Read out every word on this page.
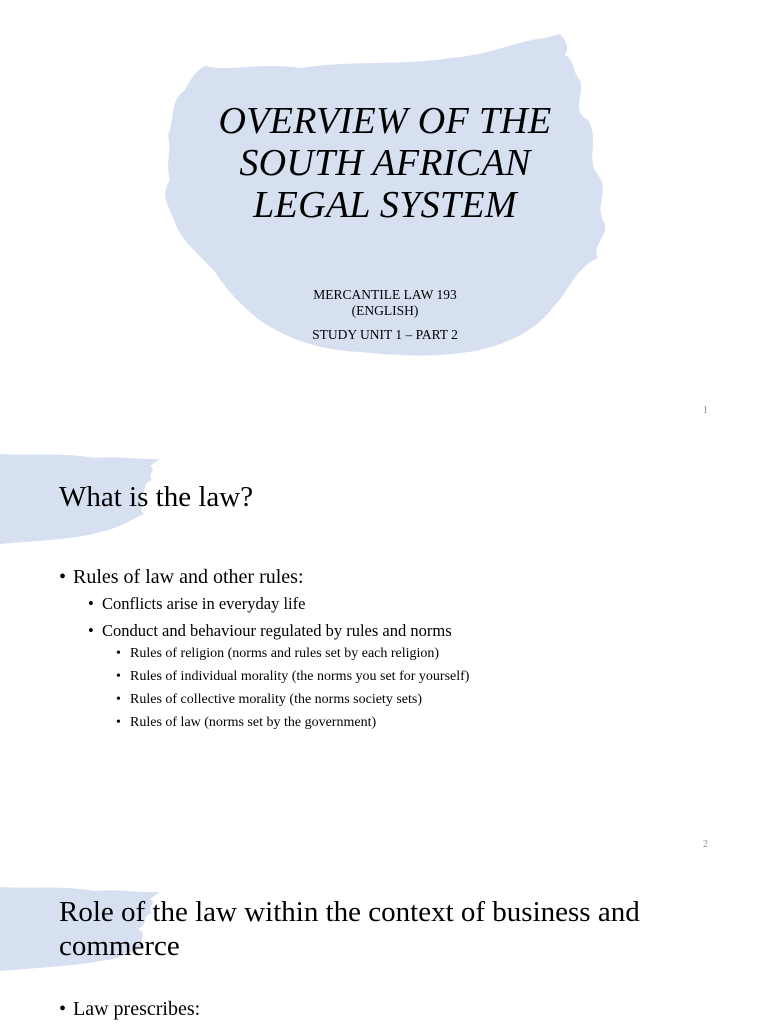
OVERVIEW OF THE
SOUTH AFRICAN
LEGAL SYSTEM
MERCANTILE LAW 193
(ENGLISH)
STUDY UNIT 1 – PART 2
1
What is the law?
• Rules of law and other rules:
• Conflicts arise in everyday life
• Conduct and behaviour regulated by rules and norms
• Rules of religion (norms and rules set by each religion)
• Rules of individual morality (the norms you set for yourself)
• Rules of collective morality (the norms society sets)
• Rules of law (norms set by the government)
2
Role of the law within the context of business and commerce
• Law prescribes:
